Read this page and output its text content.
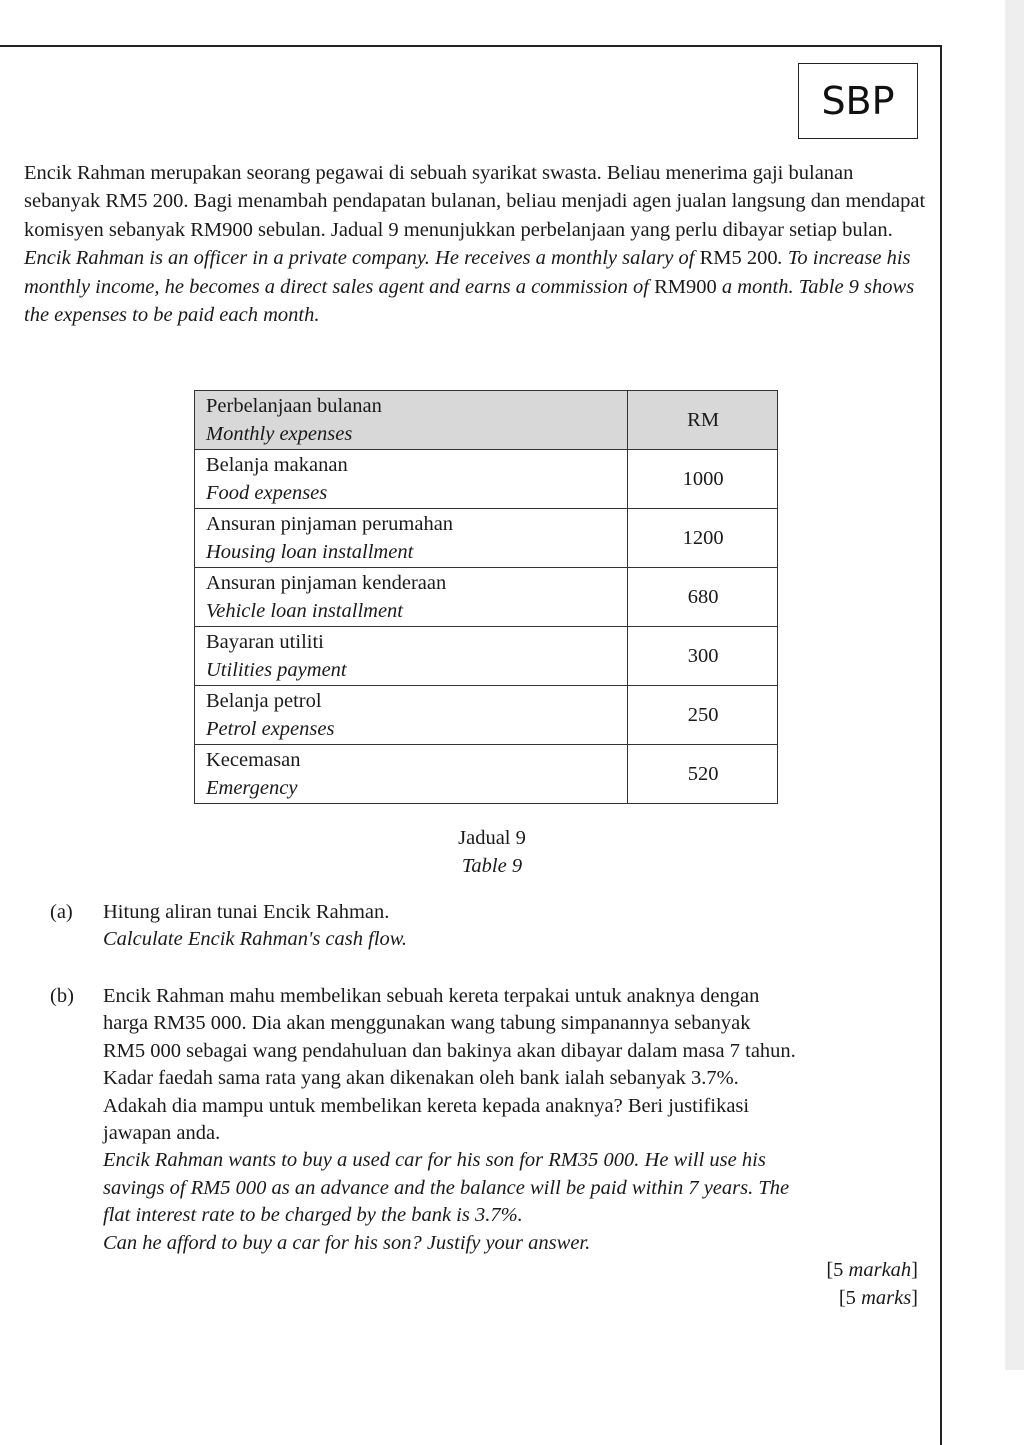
SBP

Encik Rahman merupakan seorang pegawai di sebuah syarikat swasta. Beliau menerima gaji bulanan sebanyak RM5 200. Bagi menambah pendapatan bulanan, beliau menjadi agen jualan langsung dan mendapat komisyen sebanyak RM900 sebulan. Jadual 9 menunjukkan perbelanjaan yang perlu dibayar setiap bulan.

Encik Rahman is an officer in a private company. He receives a monthly salary of RM5 200. To increase his monthly income, he becomes a direct sales agent and earns a commission of RM900 a month. Table 9 shows the expenses to be paid each month.

Perbelanjaan bulanan
Monthly expenses	RM

Belanja makanan
Food expenses	1000

Ansuran pinjaman perumahan
Housing loan installment	1200

Ansuran pinjaman kenderaan
Vehicle loan installment	680

Bayaran utiliti
Utilities payment	300

Belanja petrol
Petrol expenses	250

Kecemasan
Emergency	520
Jadual 9
Table 9
(a) Hitung aliran tunai Encik Rahman.
Calculate Encik Rahman's cash flow.
(b) Encik Rahman mahu membelikan sebuah kereta terpakai untuk anaknya dengan
harga RM35 000. Dia akan menggunakan wang tabung simpanannya sebanyak
RM5 000 sebagai wang pendahuluan dan bakinya akan dibayar dalam masa 7 tahun.
Kadar faedah sama rata yang akan dikenakan oleh bank ialah sebanyak 3.7%.
Adakah dia mampu untuk membelikan kereta kepada anaknya? Beri justifikasi
jawapan anda.
Encik Rahman wants to buy a used car for his son for RM35 000. He will use his
savings of RM5 000 as an advance and the balance will be paid within 7 years. The
flat interest rate to be charged by the bank is 3.7%.
Can he afford to buy a car for his son? Justify your answer.
[5 markah]
[5 marks]
